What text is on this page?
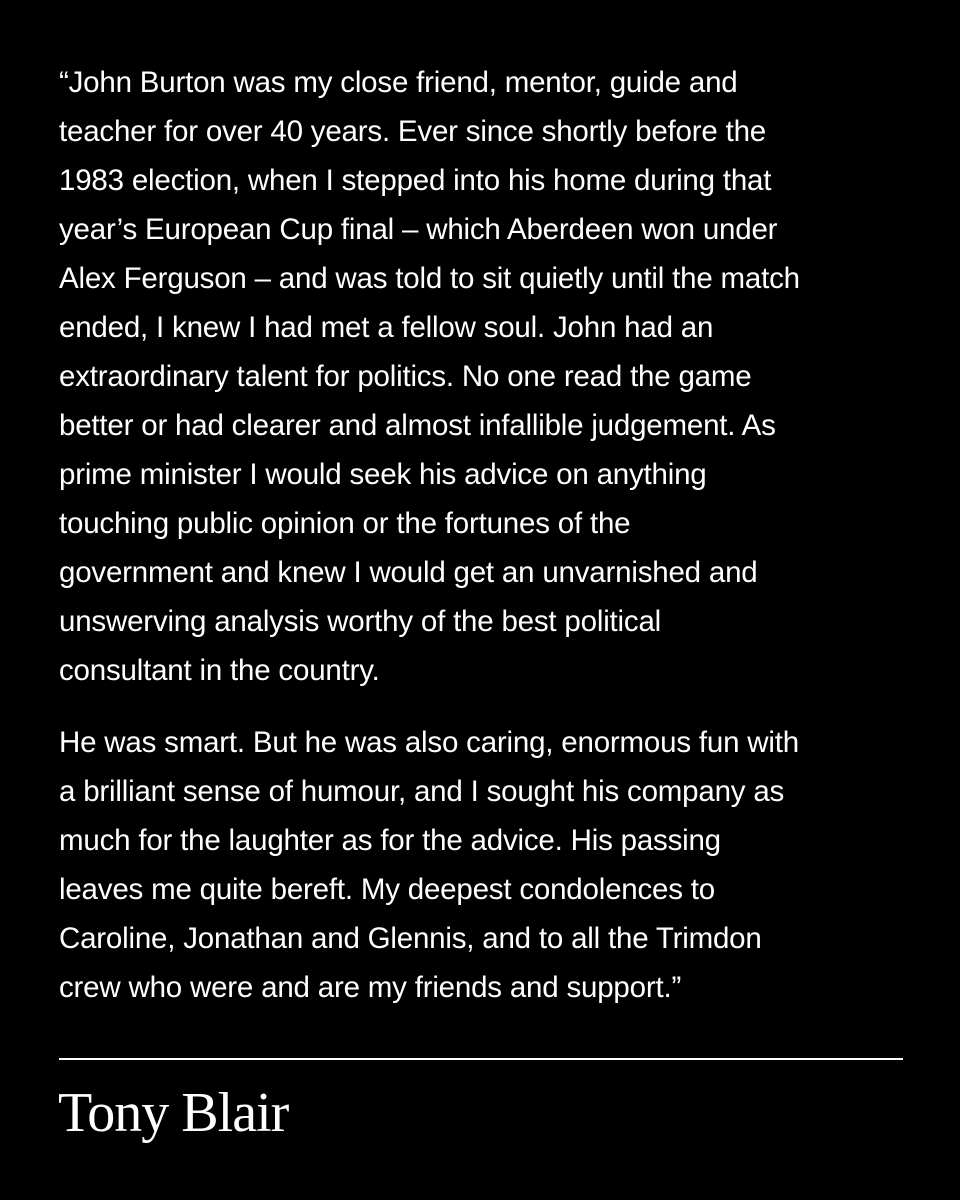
“John Burton was my close friend, mentor, guide and
teacher for over 40 years. Ever since shortly before the
1983 election, when I stepped into his home during that
year’s European Cup final – which Aberdeen won under
Alex Ferguson – and was told to sit quietly until the match
ended, I knew I had met a fellow soul. John had an
extraordinary talent for politics. No one read the game
better or had clearer and almost infallible judgement. As
prime minister I would seek his advice on anything
touching public opinion or the fortunes of the
government and knew I would get an unvarnished and
unswerving analysis worthy of the best political
consultant in the country.

He was smart. But he was also caring, enormous fun with
a brilliant sense of humour, and I sought his company as
much for the laughter as for the advice. His passing
leaves me quite bereft. My deepest condolences to
Caroline, Jonathan and Glennis, and to all the Trimdon
crew who were and are my friends and support.”

Tony Blair
